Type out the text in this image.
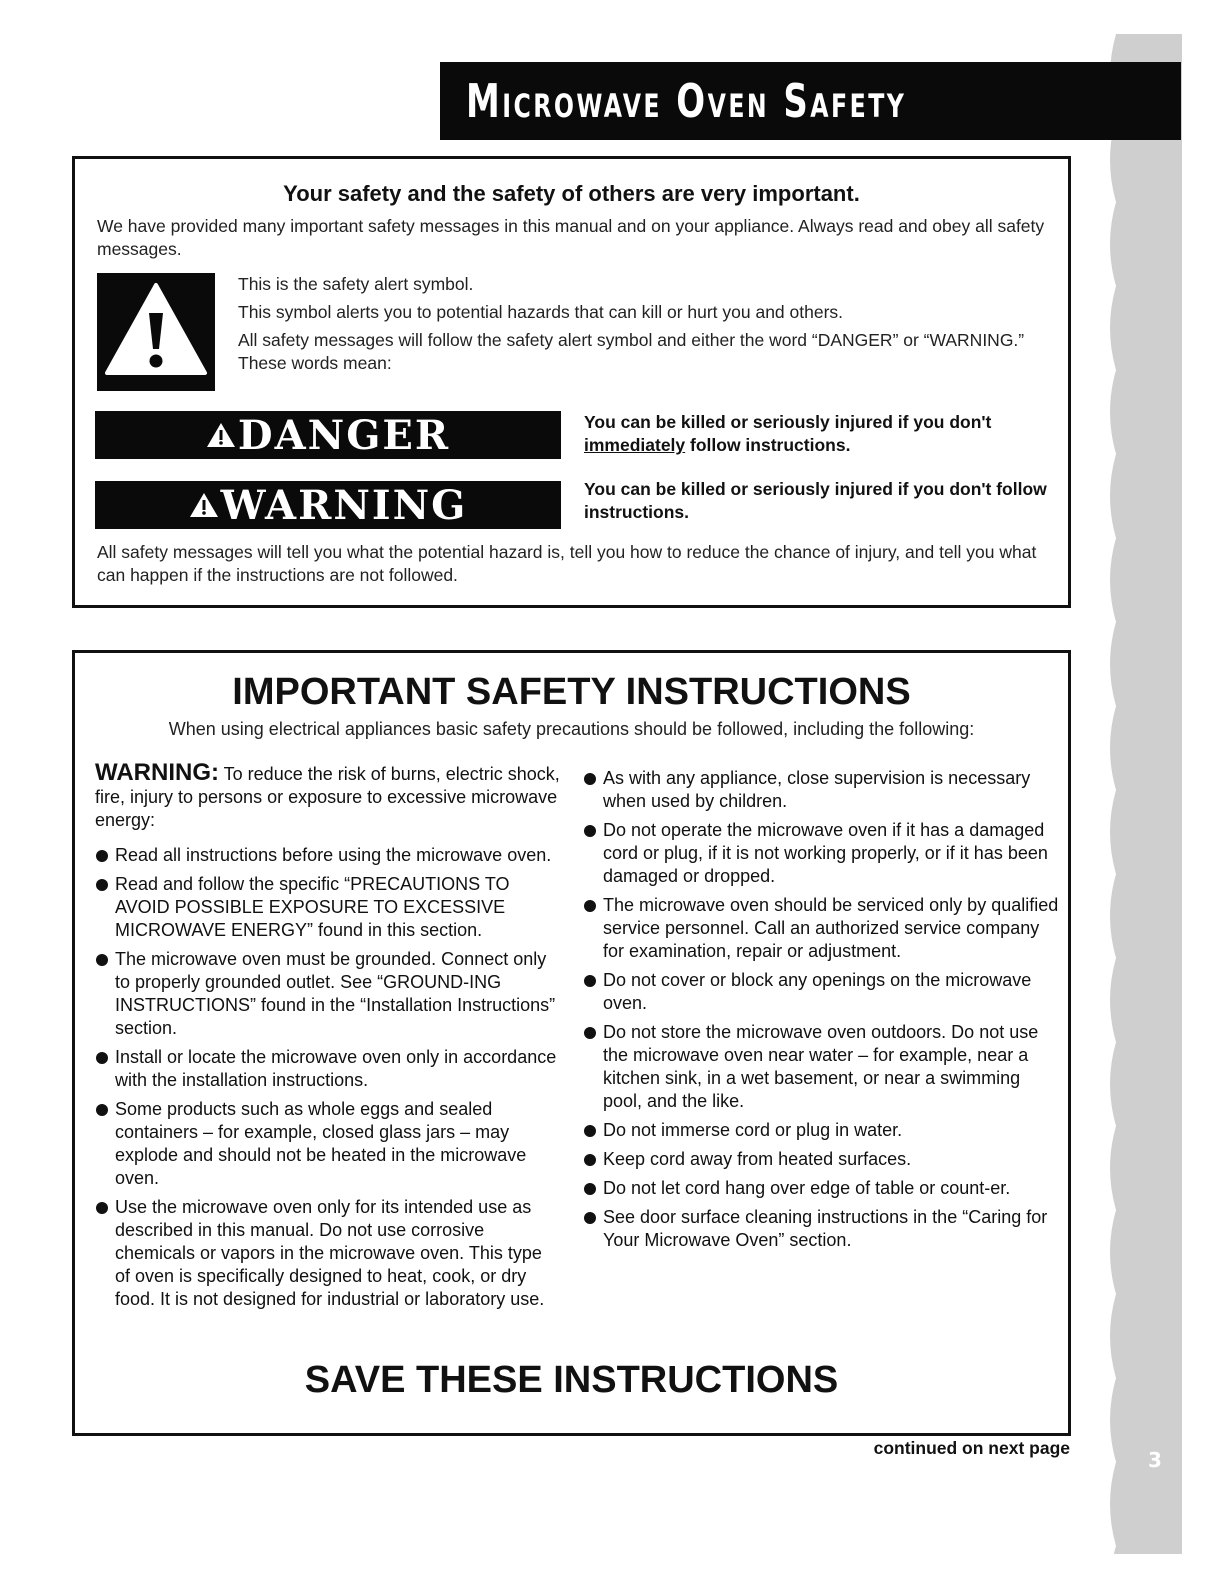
3
Microwave Oven Safety
Your safety and the safety of others are very important.
We have provided many important safety messages in this manual and on your appliance. Always read and obey all safety messages.
This is the safety alert symbol.
This symbol alerts you to potential hazards that can kill or hurt you and others.
All safety messages will follow the safety alert symbol and either the word “DANGER” or “WARNING.” These words mean:
DANGER	You can be killed or seriously injured if you don't immediately follow instructions.
WARNING	You can be killed or seriously injured if you don't follow instructions.
All safety messages will tell you what the potential hazard is, tell you how to reduce the chance of injury, and tell you what can happen if the instructions are not followed.
IMPORTANT SAFETY INSTRUCTIONS
When using electrical appliances basic safety precautions should be followed, including the following:

WARNING: To reduce the risk of burns, electric shock, fire, injury to persons or exposure to excessive microwave energy:

Read all instructions before using the microwave oven.
Read and follow the specific “PRECAUTIONS TO AVOID POSSIBLE EXPOSURE TO EXCESSIVE MICROWAVE ENERGY” found in this section.
The microwave oven must be grounded. Connect only to properly grounded outlet. See “GROUND-ING INSTRUCTIONS” found in the “Installation Instructions” section.
Install or locate the microwave oven only in accordance with the installation instructions.
Some products such as whole eggs and sealed containers – for example, closed glass jars – may explode and should not be heated in the microwave oven.
Use the microwave oven only for its intended use as described in this manual. Do not use corrosive chemicals or vapors in the microwave oven. This type of oven is specifically designed to heat, cook, or dry food. It is not designed for industrial or laboratory use.
As with any appliance, close supervision is necessary when used by children.
Do not operate the microwave oven if it has a damaged cord or plug, if it is not working properly, or if it has been damaged or dropped.
The microwave oven should be serviced only by qualified service personnel. Call an authorized service company for examination, repair or adjustment.
Do not cover or block any openings on the microwave oven.
Do not store the microwave oven outdoors. Do not use the microwave oven near water – for example, near a kitchen sink, in a wet basement, or near a swimming pool, and the like.
Do not immerse cord or plug in water.
Keep cord away from heated surfaces.
Do not let cord hang over edge of table or count-er.
See door surface cleaning instructions in the “Caring for Your Microwave Oven” section.
SAVE THESE INSTRUCTIONS
continued on next page
